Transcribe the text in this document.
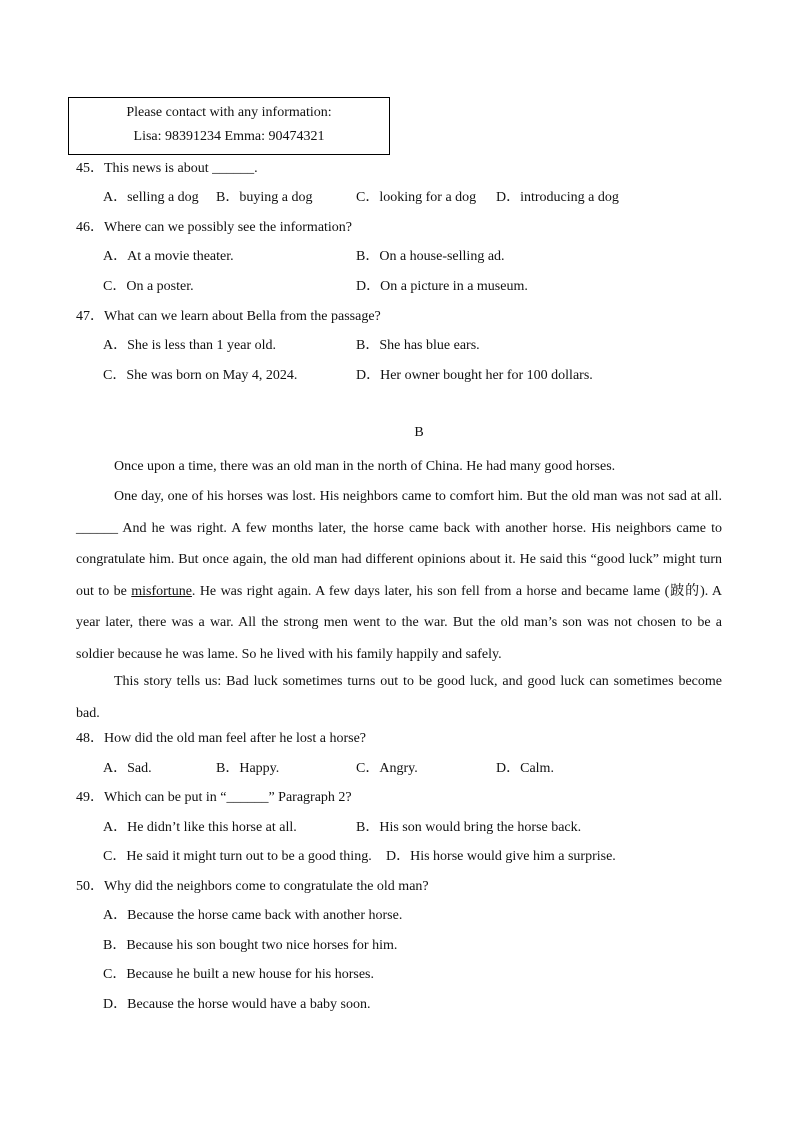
Please contact with any information:
Lisa: 98391234 Emma: 90474321
45．This news is about ______.
A．selling a dog B．buying a dog	C．looking for a dog D．introducing a dog
46．Where can we possibly see the information?
A．At a movie theater.	B．On a house-selling ad.
C．On a poster.	D．On a picture in a museum.
47．What can we learn about Bella from the passage?
A．She is less than 1 year old.	B．She has blue ears.
C．She was born on May 4, 2024.	D．Her owner bought her for 100 dollars.
B
Once upon a time, there was an old man in the north of China. He had many good horses.
One day, one of his horses was lost. His neighbors came to comfort him. But the old man was not sad at all. ______ And he was right. A few months later, the horse came back with another horse. His neighbors came to congratulate him. But once again, the old man had different opinions about it. He said this “good luck” might turn out to be misfortune. He was right again. A few days later, his son fell from a horse and became lame (跛的). A year later, there was a war. All the strong men went to the war. But the old man’s son was not chosen to be a soldier because he was lame. So he lived with his family happily and safely.
This story tells us: Bad luck sometimes turns out to be good luck, and good luck can sometimes become bad.
48．How did the old man feel after he lost a horse?
A．Sad.	B．Happy.	C．Angry.	D．Calm.
49．Which can be put in “______” Paragraph 2?
A．He didn’t like this horse at all.	B．His son would bring the horse back.
C．He said it might turn out to be a good thing. D．His horse would give him a surprise.
50．Why did the neighbors come to congratulate the old man?
A．Because the horse came back with another horse.
B．Because his son bought two nice horses for him.
C．Because he built a new house for his horses.
D．Because the horse would have a baby soon.
